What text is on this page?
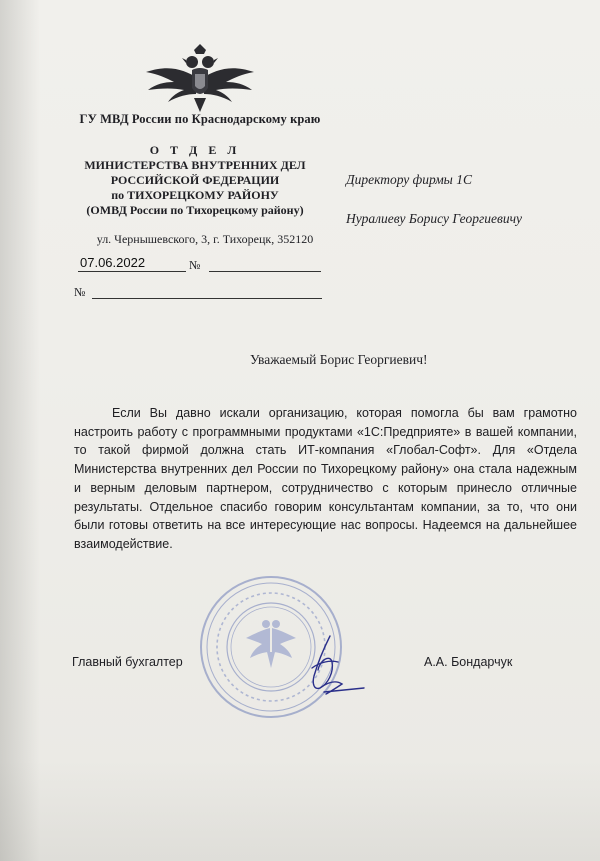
ГУ МВД России по Краснодарскому краю
О Т Д Е Л
МИНИСТЕРСТВА ВНУТРЕННИХ ДЕЛ
РОССИЙСКОЙ ФЕДЕРАЦИИ
по ТИХОРЕЦКОМУ РАЙОНУ
(ОМВД России по Тихорецкому району)
ул. Чернышевского, 3, г. Тихорецк, 352120
07.06.2022	№
№
Директору фирмы 1С
Нуралиеву Борису Георгиевичу
Уважаемый Борис Георгиевич!
Если Вы давно искали организацию, которая помогла бы вам грамотно настроить работу с программными продуктами «1С:Предприяте» в вашей компании, то такой фирмой должна стать ИТ-компания «Глобал-Софт». Для «Отдела Министерства внутренних дел России по Тихорецкому району» она стала надежным и верным деловым партнером, сотрудничество с которым принесло отличные результаты. Отдельное спасибо говорим консультантам компании, за то, что они были готовы ответить на все интересующие нас вопросы. Надеемся на дальнейшее взаимодействие.
Главный бухгалтер	А.А. Бондарчук
